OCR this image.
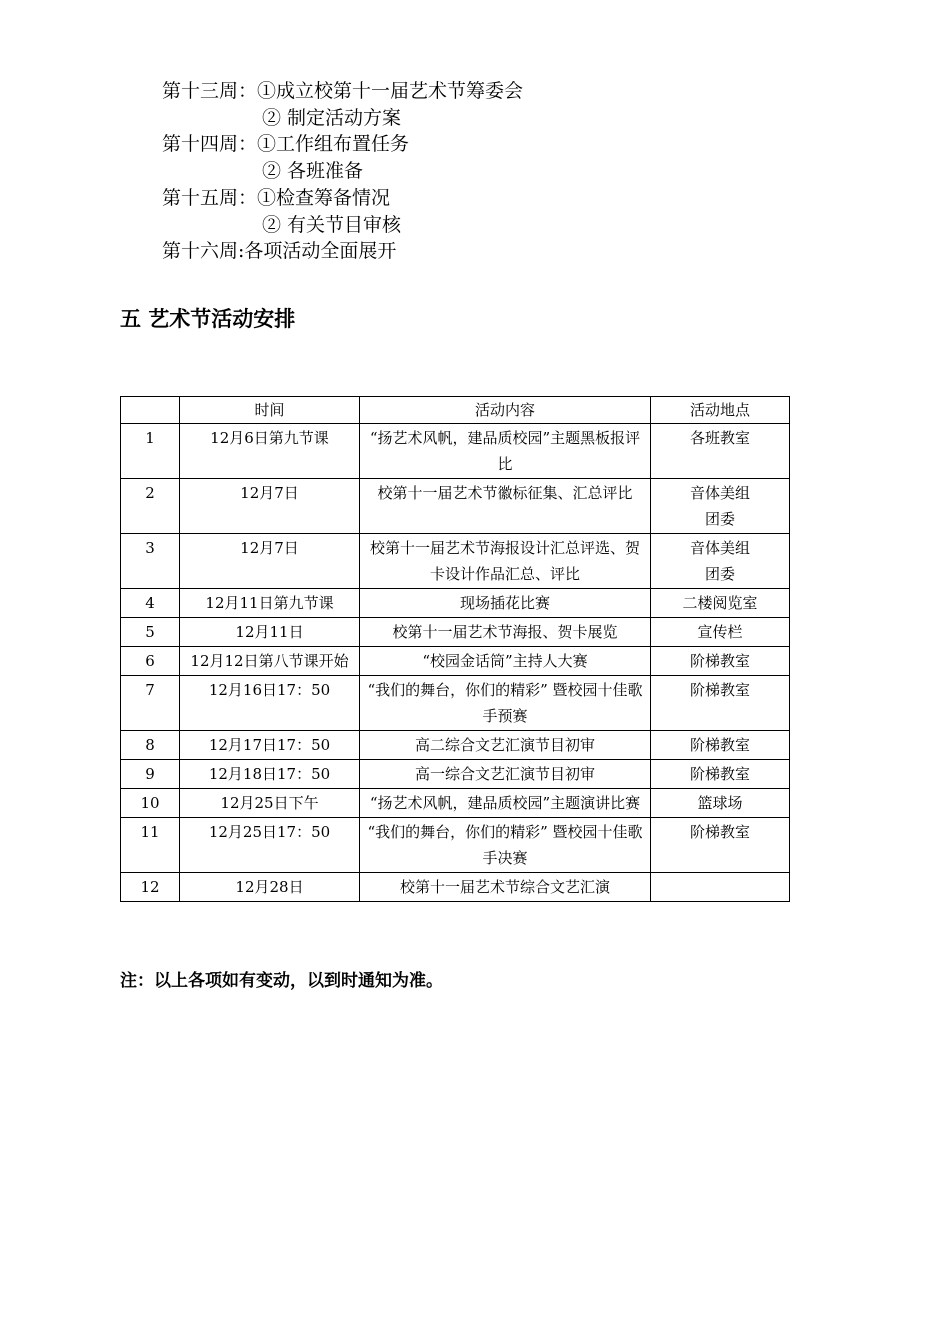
第十三周：①成立校第十一届艺术节筹委会
② 制定活动方案
第十四周：①工作组布置任务
② 各班准备
第十五周：①检查筹备情况
② 有关节目审核
第十六周:各项活动全面展开
五 艺术节活动安排
	时间	活动内容	活动地点
1	12月6日第九节课	“扬艺术风帆，建品质校园”主题黑板报评比	各班教室
2	12月7日	校第十一届艺术节徽标征集、汇总评比	音体美组
团委
3	12月7日	校第十一届艺术节海报设计汇总评选、贺卡设计作品汇总、评比	音体美组
团委
4	12月11日第九节课	现场插花比赛	二楼阅览室
5	12月11日	校第十一届艺术节海报、贺卡展览	宣传栏
6	12月12日第八节课开始	“校园金话筒”主持人大赛	阶梯教室
7	12月16日17：50	“我们的舞台，你们的精彩” 暨校园十佳歌手预赛	阶梯教室
8	12月17日17：50	高二综合文艺汇演节目初审	阶梯教室
9	12月18日17：50	高一综合文艺汇演节目初审	阶梯教室
10	12月25日下午	“扬艺术风帆，建品质校园”主题演讲比赛	篮球场
11	12月25日17：50	“我们的舞台，你们的精彩” 暨校园十佳歌手决赛	阶梯教室
12	12月28日	校第十一届艺术节综合文艺汇演	
注：以上各项如有变动，以到时通知为准。
